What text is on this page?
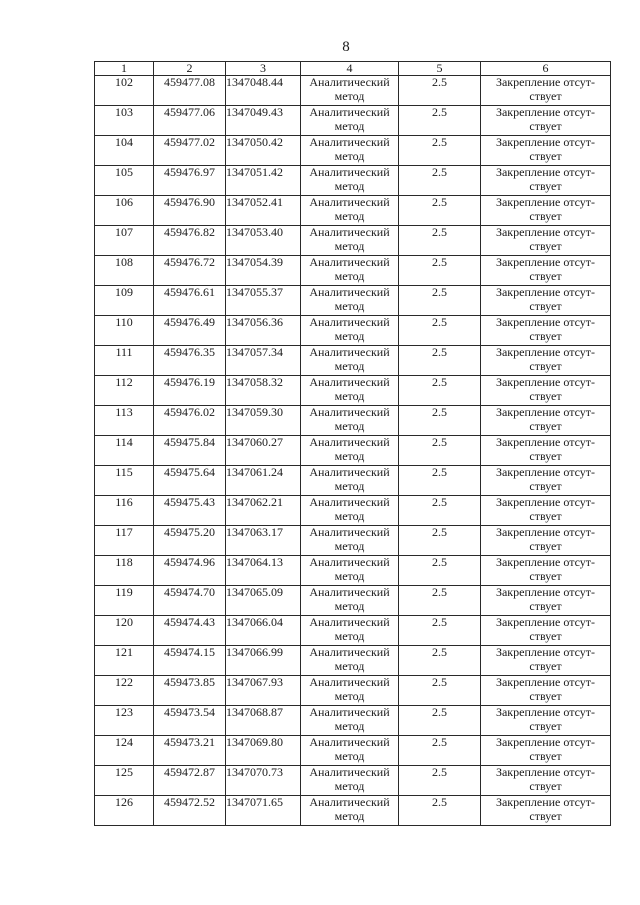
8
1	2	3	4	5	6
102	459477.08	1347048.44	Аналитический метод	2.5	Закрепление отсут-ствует
103	459477.06	1347049.43	Аналитический метод	2.5	Закрепление отсут-ствует
104	459477.02	1347050.42	Аналитический метод	2.5	Закрепление отсут-ствует
105	459476.97	1347051.42	Аналитический метод	2.5	Закрепление отсут-ствует
106	459476.90	1347052.41	Аналитический метод	2.5	Закрепление отсут-ствует
107	459476.82	1347053.40	Аналитический метод	2.5	Закрепление отсут-ствует
108	459476.72	1347054.39	Аналитический метод	2.5	Закрепление отсут-ствует
109	459476.61	1347055.37	Аналитический метод	2.5	Закрепление отсут-ствует
110	459476.49	1347056.36	Аналитический метод	2.5	Закрепление отсут-ствует
111	459476.35	1347057.34	Аналитический метод	2.5	Закрепление отсут-ствует
112	459476.19	1347058.32	Аналитический метод	2.5	Закрепление отсут-ствует
113	459476.02	1347059.30	Аналитический метод	2.5	Закрепление отсут-ствует
114	459475.84	1347060.27	Аналитический метод	2.5	Закрепление отсут-ствует
115	459475.64	1347061.24	Аналитический метод	2.5	Закрепление отсут-ствует
116	459475.43	1347062.21	Аналитический метод	2.5	Закрепление отсут-ствует
117	459475.20	1347063.17	Аналитический метод	2.5	Закрепление отсут-ствует
118	459474.96	1347064.13	Аналитический метод	2.5	Закрепление отсут-ствует
119	459474.70	1347065.09	Аналитический метод	2.5	Закрепление отсут-ствует
120	459474.43	1347066.04	Аналитический метод	2.5	Закрепление отсут-ствует
121	459474.15	1347066.99	Аналитический метод	2.5	Закрепление отсут-ствует
122	459473.85	1347067.93	Аналитический метод	2.5	Закрепление отсут-ствует
123	459473.54	1347068.87	Аналитический метод	2.5	Закрепление отсут-ствует
124	459473.21	1347069.80	Аналитический метод	2.5	Закрепление отсут-ствует
125	459472.87	1347070.73	Аналитический метод	2.5	Закрепление отсут-ствует
126	459472.52	1347071.65	Аналитический метод	2.5	Закрепление отсут-ствует
